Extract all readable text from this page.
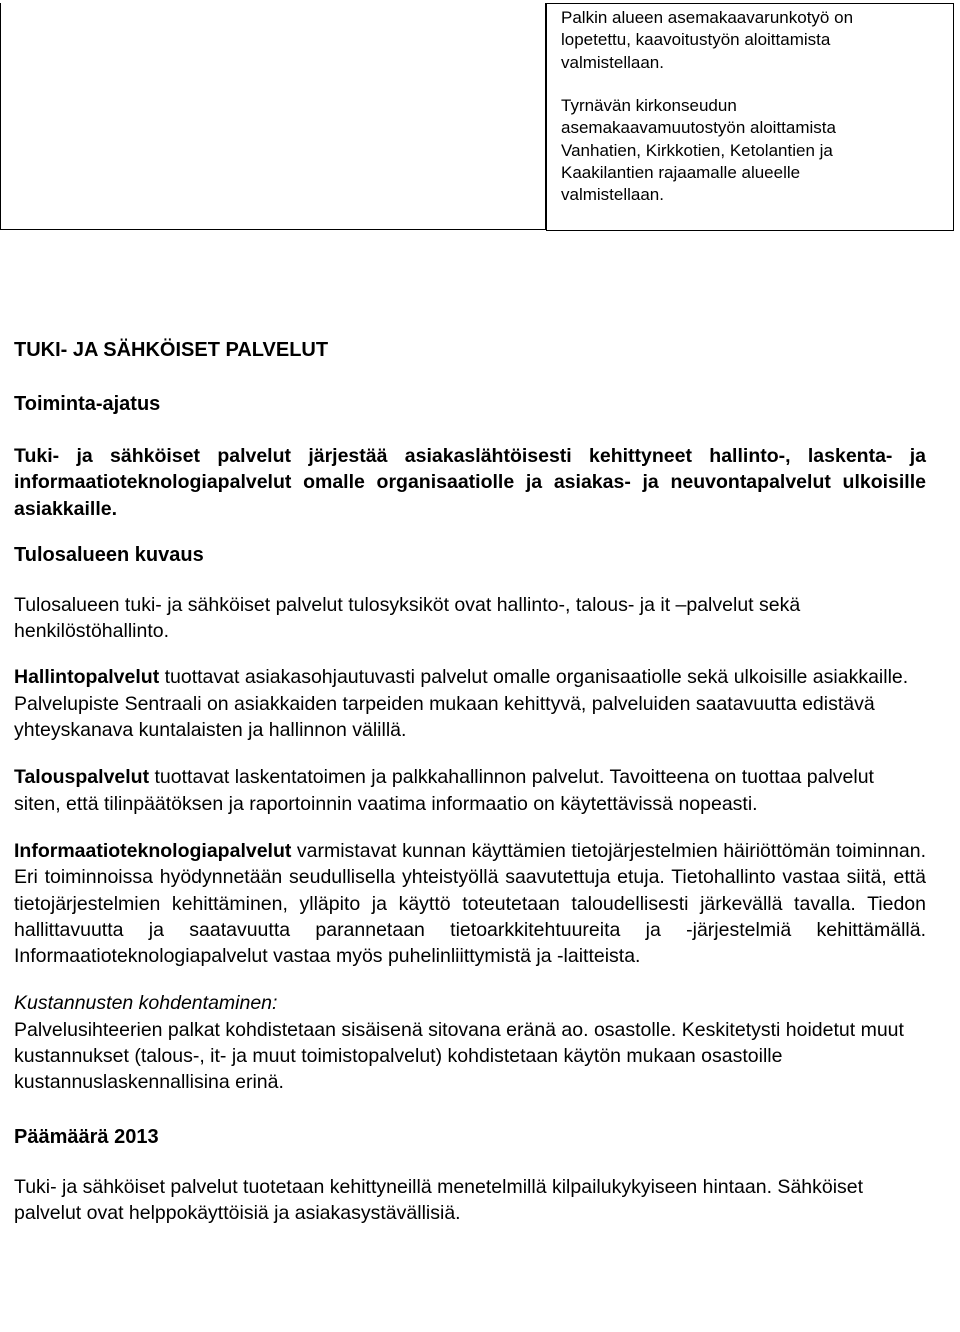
Palkin alueen asemakaavarunkotyö on lopetettu, kaavoitustyön aloittamista valmistellaan.
Tyrnävän kirkonseudun asemakaavamuutostyön aloittamista Vanhatien, Kirkkotien, Ketolantien ja Kaakilantien rajaamalle alueelle valmistellaan.
TUKI- JA SÄHKÖISET PALVELUT
Toiminta-ajatus
Tuki- ja sähköiset palvelut järjestää asiakaslähtöisesti kehittyneet hallinto-, laskenta- ja informaatioteknologiapalvelut omalle organisaatiolle ja asiakas- ja neuvontapalvelut ulkoisille asiakkaille.
Tulosalueen kuvaus
Tulosalueen tuki- ja sähköiset palvelut tulosyksiköt ovat hallinto-, talous- ja it –palvelut sekä henkilöstöhallinto.
Hallintopalvelut tuottavat asiakasohjautuvasti palvelut omalle organisaatiolle sekä ulkoisille asiakkaille. Palvelupiste Sentraali on asiakkaiden tarpeiden mukaan kehittyvä, palveluiden saatavuutta edistävä yhteyskanava kuntalaisten ja hallinnon välillä.
Talouspalvelut tuottavat laskentatoimen ja palkkahallinnon palvelut. Tavoitteena on tuottaa palvelut siten, että tilinpäätöksen ja raportoinnin vaatima informaatio on käytettävissä nopeasti.
Informaatioteknologiapalvelut varmistavat kunnan käyttämien tietojärjestelmien häiriöttömän toiminnan. Eri toiminnoissa hyödynnetään seudullisella yhteistyöllä saavutettuja etuja. Tietohallinto vastaa siitä, että tietojärjestelmien kehittäminen, ylläpito ja käyttö toteutetaan taloudellisesti järkevällä tavalla. Tiedon hallittavuutta ja saatavuutta parannetaan tietoarkkitehtuureita ja -järjestelmiä kehittämällä. Informaatioteknologiapalvelut vastaa myös puhelinliittymistä ja -laitteista.
Kustannusten kohdentaminen:
Palvelusihteerien palkat kohdistetaan sisäisenä sitovana eränä ao. osastolle. Keskitetysti hoidetut muut kustannukset (talous-, it- ja muut toimistopalvelut) kohdistetaan käytön mukaan osastoille kustannuslaskennallisina erinä.
Päämäärä 2013
Tuki- ja sähköiset palvelut tuotetaan kehittyneillä menetelmillä kilpailukykyiseen hintaan. Sähköiset palvelut ovat helppokäyttöisiä ja asiakasystävällisiä.
